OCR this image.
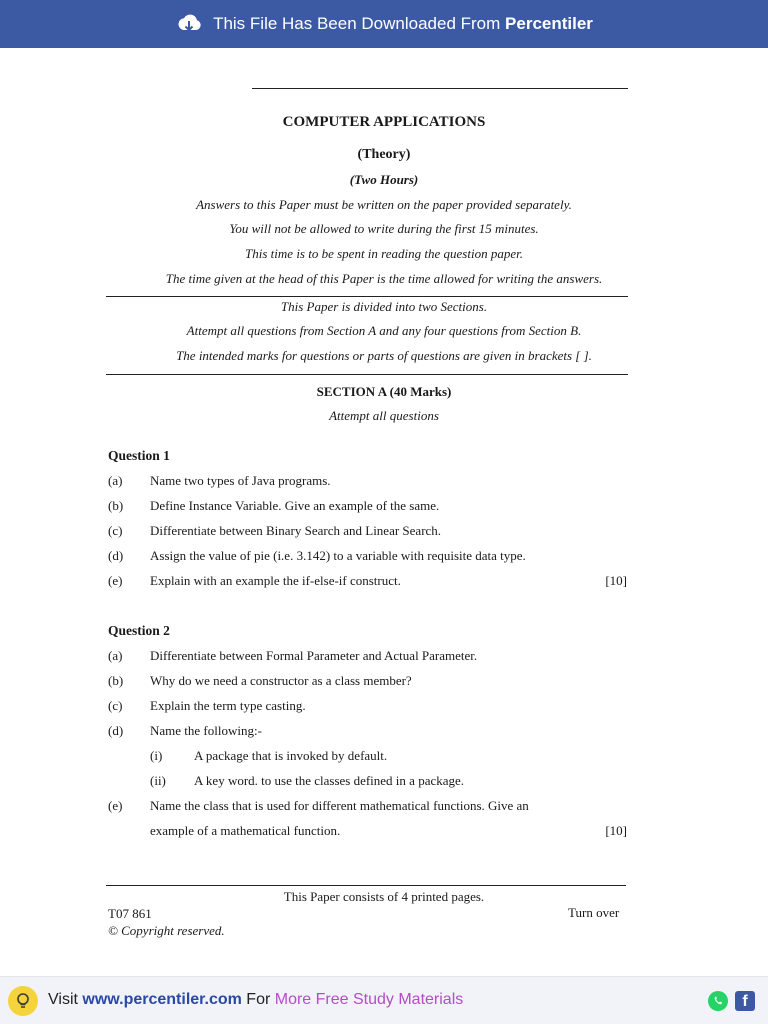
This File Has Been Downloaded From Percentiler
COMPUTER APPLICATIONS
(Theory)
(Two Hours)
Answers to this Paper must be written on the paper provided separately.
You will not be allowed to write during the first 15 minutes.
This time is to be spent in reading the question paper.
The time given at the head of this Paper is the time allowed for writing the answers.
This Paper is divided into two Sections.
Attempt all questions from Section A and any four questions from Section B.
The intended marks for questions or parts of questions are given in brackets [ ].
SECTION A (40 Marks)
Attempt all questions
Question 1
(a) Name two types of Java programs.
(b) Define Instance Variable. Give an example of the same.
(c) Differentiate between Binary Search and Linear Search.
(d) Assign the value of pie (i.e. 3.142) to a variable with requisite data type.
(e) Explain with an example the if-else-if construct.	[10]
Question 2
(a) Differentiate between Formal Parameter and Actual Parameter.
(b) Why do we need a constructor as a class member?
(c) Explain the term type casting.
(d) Name the following:-
(i) A package that is invoked by default.
(ii) A key word. to use the classes defined in a package.
(e) Name the class that is used for different mathematical functions. Give an
example of a mathematical function.	[10]
This Paper consists of 4 printed pages.
T07 861	Turn over
© Copyright reserved.
Visit www.percentiler.com For More Free Study Materials	f
